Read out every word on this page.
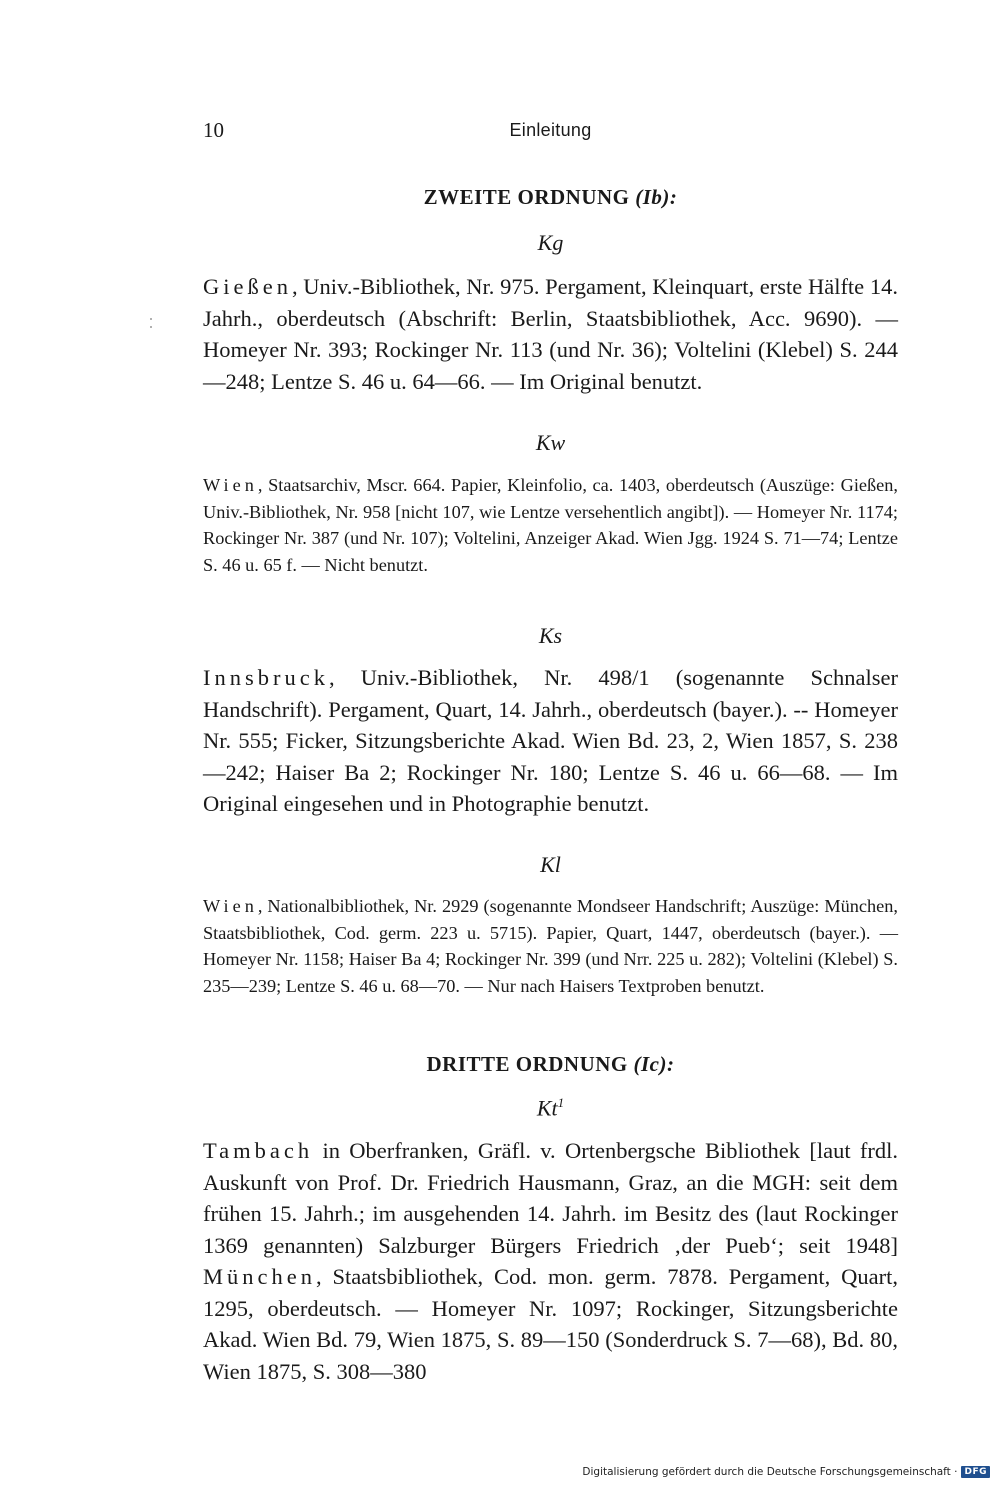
10	Einleitung
ZWEITE ORDNUNG (Ib):
Kg

Gießen, Univ.-Bibliothek, Nr. 975. Pergament, Kleinquart, erste Hälfte 14. Jahrh., oberdeutsch (Abschrift: Berlin, Staatsbibliothek, Acc. 9690). — Homeyer Nr. 393; Rockinger Nr. 113 (und Nr. 36); Voltelini (Klebel) S. 244—248; Lentze S. 46 u. 64—66. — Im Original benutzt.

Kw

Wien, Staatsarchiv, Mscr. 664. Papier, Kleinfolio, ca. 1403, oberdeutsch (Auszüge: Gießen, Univ.-Bibliothek, Nr. 958 [nicht 107, wie Lentze versehentlich angibt]). — Homeyer Nr. 1174; Rockinger Nr. 387 (und Nr. 107); Voltelini, Anzeiger Akad. Wien Jgg. 1924 S. 71—74; Lentze S. 46 u. 65 f. — Nicht benutzt.

Ks

Innsbruck, Univ.-Bibliothek, Nr. 498/1 (sogenannte Schnalser Handschrift). Pergament, Quart, 14. Jahrh., oberdeutsch (bayer.). -- Homeyer Nr. 555; Ficker, Sitzungsberichte Akad. Wien Bd. 23, 2, Wien 1857, S. 238—242; Haiser Ba 2; Rockinger Nr. 180; Lentze S. 46 u. 66—68. — Im Original eingesehen und in Photographie benutzt.

Kl

Wien, Nationalbibliothek, Nr. 2929 (sogenannte Mondseer Handschrift; Auszüge: München, Staatsbibliothek, Cod. germ. 223 u. 5715). Papier, Quart, 1447, oberdeutsch (bayer.). — Homeyer Nr. 1158; Haiser Ba 4; Rockinger Nr. 399 (und Nrr. 225 u. 282); Voltelini (Klebel) S. 235—239; Lentze S. 46 u. 68—70. — Nur nach Haisers Textproben benutzt.

DRITTE ORDNUNG (Ic):
Kt$^1$

Tambach in Oberfranken, Gräfl. v. Ortenbergsche Bibliothek [laut frdl. Auskunft von Prof. Dr. Friedrich Hausmann, Graz, an die MGH: seit dem frühen 15. Jahrh.; im ausgehenden 14. Jahrh. im Besitz des (laut Rockinger 1369 genannten) Salzburger Bürgers Friedrich ‚der Pueb‘; seit 1948] München, Staatsbibliothek, Cod. mon. germ. 7878. Pergament, Quart, 1295, oberdeutsch. — Homeyer Nr. 1097; Rockinger, Sitzungsberichte Akad. Wien Bd. 79, Wien 1875, S. 89—150 (Sonderdruck S. 7—68), Bd. 80, Wien 1875, S. 308—380

Digitalisierung gefördert durch die Deutsche Forschungsgemeinschaft · DFG
